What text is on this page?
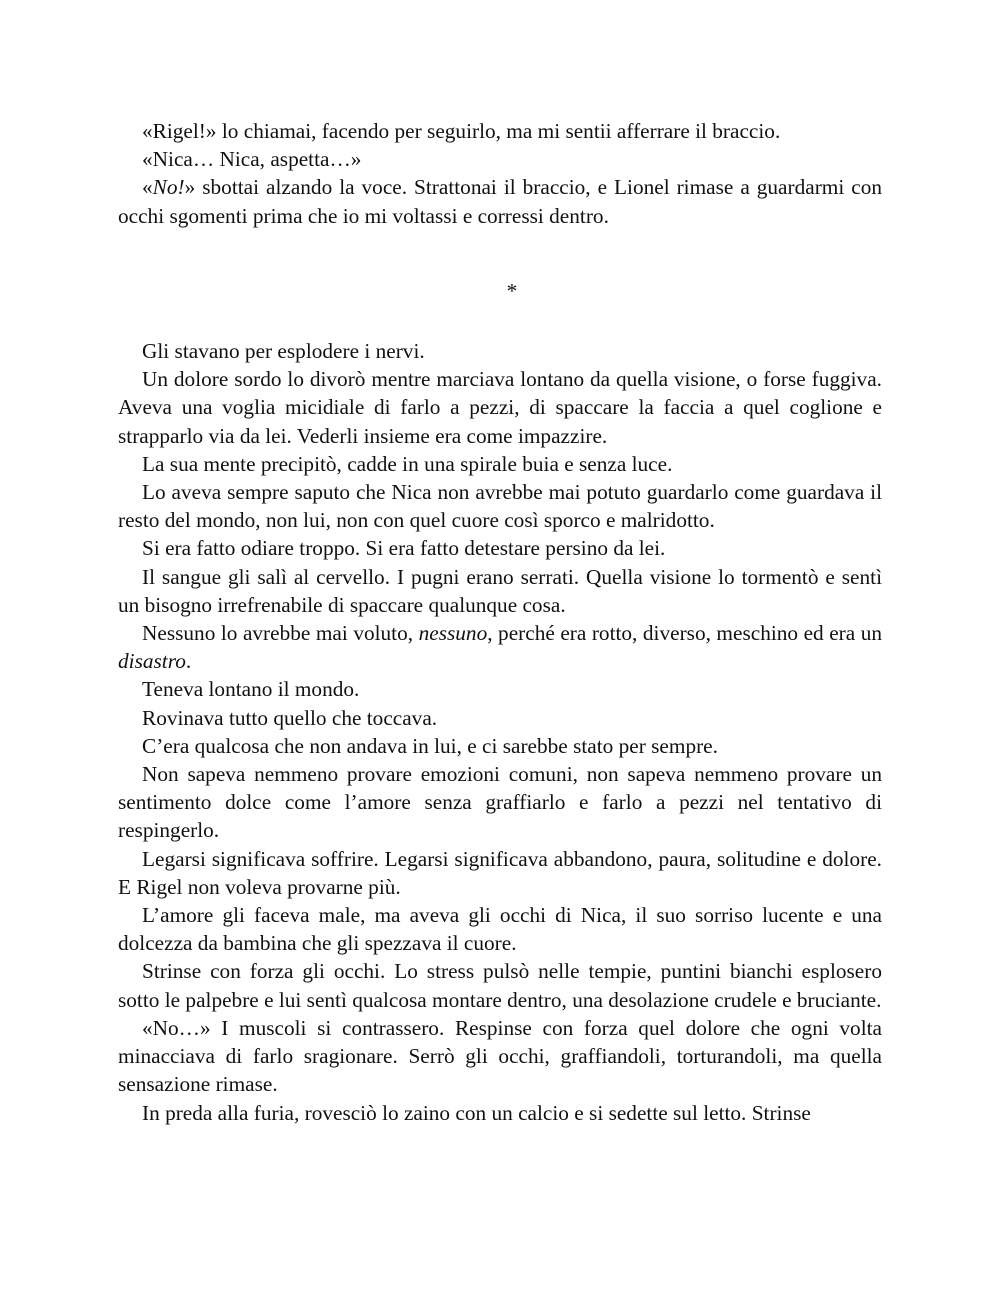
«Rigel!» lo chiamai, facendo per seguirlo, ma mi sentii afferrare il braccio.

«Nica… Nica, aspetta…»

«No!» sbottai alzando la voce. Strattonai il braccio, e Lionel rimase a guardarmi con occhi sgomenti prima che io mi voltassi e corressi dentro.

*

Gli stavano per esplodere i nervi.

Un dolore sordo lo divorò mentre marciava lontano da quella visione, o forse fuggiva. Aveva una voglia micidiale di farlo a pezzi, di spaccare la faccia a quel coglione e strapparlo via da lei. Vederli insieme era come impazzire.

La sua mente precipitò, cadde in una spirale buia e senza luce.

Lo aveva sempre saputo che Nica non avrebbe mai potuto guardarlo come guardava il resto del mondo, non lui, non con quel cuore così sporco e malridotto.

Si era fatto odiare troppo. Si era fatto detestare persino da lei.

Il sangue gli salì al cervello. I pugni erano serrati. Quella visione lo tormentò e sentì un bisogno irrefrenabile di spaccare qualunque cosa.

Nessuno lo avrebbe mai voluto, nessuno, perché era rotto, diverso, meschino ed era un disastro.

Teneva lontano il mondo.

Rovinava tutto quello che toccava.

C’era qualcosa che non andava in lui, e ci sarebbe stato per sempre.

Non sapeva nemmeno provare emozioni comuni, non sapeva nemmeno provare un sentimento dolce come l’amore senza graffiarlo e farlo a pezzi nel tentativo di respingerlo.

Legarsi significava soffrire. Legarsi significava abbandono, paura, solitudine e dolore. E Rigel non voleva provarne più.

L’amore gli faceva male, ma aveva gli occhi di Nica, il suo sorriso lucente e una dolcezza da bambina che gli spezzava il cuore.

Strinse con forza gli occhi. Lo stress pulsò nelle tempie, puntini bianchi esplosero sotto le palpebre e lui sentì qualcosa montare dentro, una desolazione crudele e bruciante.

«No…» I muscoli si contrassero. Respinse con forza quel dolore che ogni volta minacciava di farlo sragionare. Serrò gli occhi, graffiandoli, torturandoli, ma quella sensazione rimase.

In preda alla furia, rovesciò lo zaino con un calcio e si sedette sul letto. Strinse
